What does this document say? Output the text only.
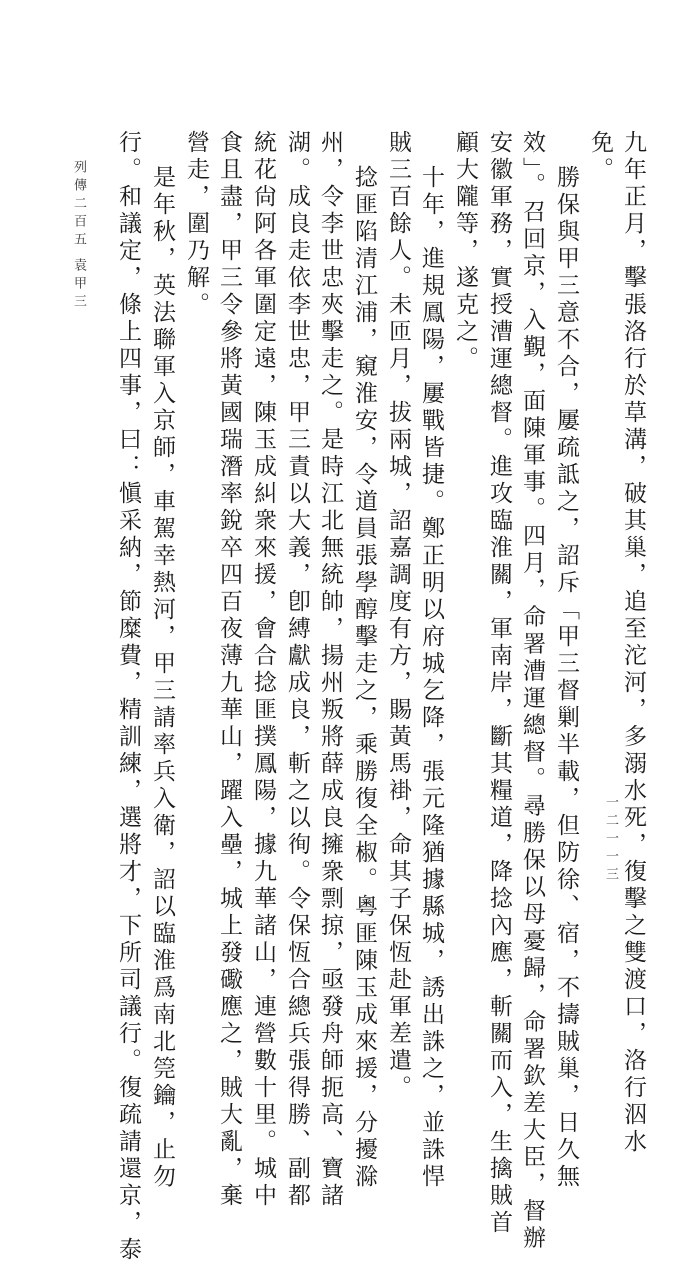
九年正月，擊張洛行於草溝，破其巢，追至沱河，多溺水死，復擊之雙渡口，洛行泅水
免。
勝保與甲三意不合，屢疏詆之，詔斥「甲三督剿半載，但防徐、宿，不擣賊巢，日久無
效」。召回京，入覲，面陳軍事。四月，命署漕運總督。尋勝保以母憂歸，命署欽差大臣，督辦
安徽軍務，實授漕運總督。進攻臨淮關，軍南岸，斷其糧道，降捻內應，斬關而入，生擒賊首
顧大隴等，遂克之。
十年，進規鳳陽，屢戰皆捷。鄭正明以府城乞降，張元隆猶據縣城，誘出誅之，並誅悍
賊三百餘人。未匝月，拔兩城，詔嘉調度有方，賜黃馬褂，命其子保恆赴軍差遣。
捻匪陷清江浦，窺淮安，令道員張學醇擊走之，乘勝復全椒。粵匪陳玉成來援，分擾滁
州，令李世忠夾擊走之。是時江北無統帥，揚州叛將薛成良擁衆剽掠，亟發舟師扼高、寶諸
湖。成良走依李世忠，甲三責以大義，卽縛獻成良，斬之以徇。令保恆合總兵張得勝、副都
統花尙阿各軍圍定遠，陳玉成糾衆來援，會合捻匪撲鳳陽，據九華諸山，連營數十里。城中
食且盡，甲三令參將黃國瑞潛率銳卒四百夜薄九華山，躍入壘，城上發礮應之，賊大亂，棄
營走，圍乃解。
是年秋，英法聯軍入京師，車駕幸熱河，甲三請率兵入衛，詔以臨淮爲南北筦鑰，止勿
行。和議定，條上四事，曰：愼采納，節糜費，精訓練，選將才，下所司議行。復疏請還京，泰
列傳二百五
袁甲三
一二一一三
